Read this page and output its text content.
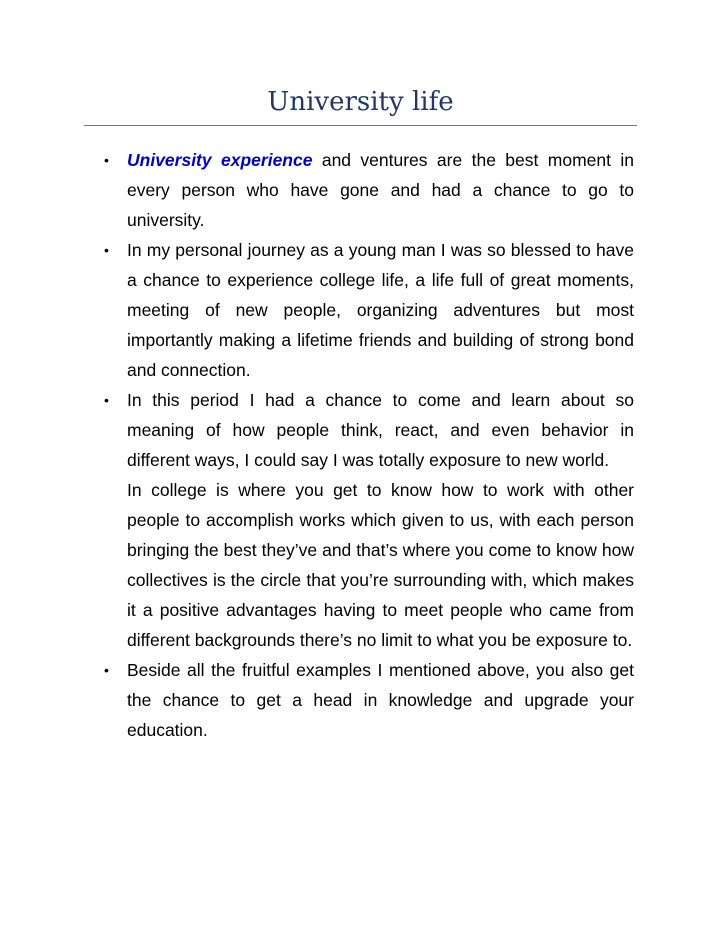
University life
•	University experience and ventures are the best moment in every person who have gone and had a chance to go to university.
•	In my personal journey as a young man I was so blessed to have a chance to experience college life, a life full of great moments, meeting of new people, organizing adventures but most importantly making a lifetime friends and building of strong bond and connection.
•	In this period I had a chance to come and learn about so meaning of how people think, react, and even behavior in different ways, I could say I was totally exposure to new world.

In college is where you get to know how to work with other people to accomplish works which given to us, with each person bringing the best they’ve and that’s where you come to know how collectives is the circle that you’re surrounding with, which makes it a positive advantages having to meet people who came from different backgrounds there’s no limit to what you be exposure to.

•	Beside all the fruitful examples I mentioned above, you also get the chance to get a head in knowledge and upgrade your education.
